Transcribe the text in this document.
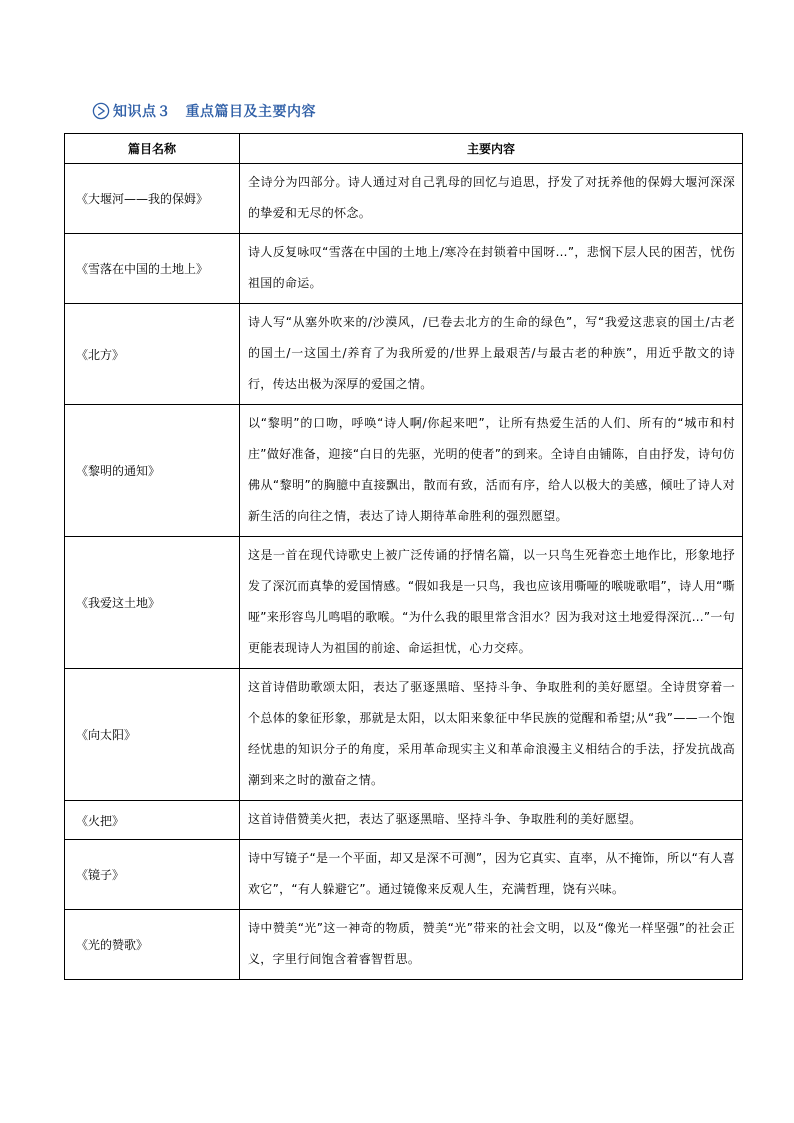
知识点３　重点篇目及主要内容
篇目名称	主要内容
《大堰河——我的保姆》	全诗分为四部分。诗人通过对自己乳母的回忆与追思，抒发了对抚养他的保姆大堰河深深的挚爱和无尽的怀念。
《雪落在中国的土地上》	诗人反复咏叹“雪落在中国的土地上/寒冷在封锁着中国呀…”，悲悯下层人民的困苦，忧伤祖国的命运。
《北方》	诗人写“从塞外吹来的/沙漠风，/已卷去北方的生命的绿色”，写“我爱这悲哀的国土/古老的国土/一这国土/养育了为我所爱的/世界上最艰苦/与最古老的种族”，用近乎散文的诗行，传达出极为深厚的爱国之情。
《黎明的通知》	以“黎明”的口吻，呼唤“诗人啊/你起来吧”，让所有热爱生活的人们、所有的“城市和村庄”做好准备，迎接“白日的先驱，光明的使者”的到来。全诗自由铺陈，自由抒发，诗句仿佛从“黎明”的胸臆中直接飘出，散而有致，活而有序，给人以极大的美感，倾吐了诗人对新生活的向往之情，表达了诗人期待革命胜利的强烈愿望。
《我爱这土地》	这是一首在现代诗歌史上被广泛传诵的抒情名篇，以一只鸟生死眷恋土地作比，形象地抒发了深沉而真挚的爱国情感。“假如我是一只鸟，我也应该用嘶哑的喉咙歌唱”，诗人用“嘶哑”来形容鸟儿鸣唱的歌喉。“为什么我的眼里常含泪水？因为我对这土地爱得深沉…”一句更能表现诗人为祖国的前途、命运担忧，心力交瘁。
《向太阳》	这首诗借助歌颂太阳，表达了驱逐黑暗、坚持斗争、争取胜利的美好愿望。全诗贯穿着一个总体的象征形象，那就是太阳，以太阳来象征中华民族的觉醒和希望;从“我”——一个饱经忧患的知识分子的角度，采用革命现实主义和革命浪漫主义相结合的手法，抒发抗战高潮到来之时的激奋之情。
《火把》	这首诗借赞美火把，表达了驱逐黑暗、坚持斗争、争取胜利的美好愿望。
《镜子》	诗中写镜子“是一个平面，却又是深不可测”，因为它真实、直率，从不掩饰，所以“有人喜欢它”，“有人躲避它”。通过镜像来反观人生，充满哲理，饶有兴味。
《光的赞歌》	诗中赞美“光”这一神奇的物质，赞美“光”带来的社会文明，以及“像光一样坚强”的社会正义，字里行间饱含着睿智哲思。
